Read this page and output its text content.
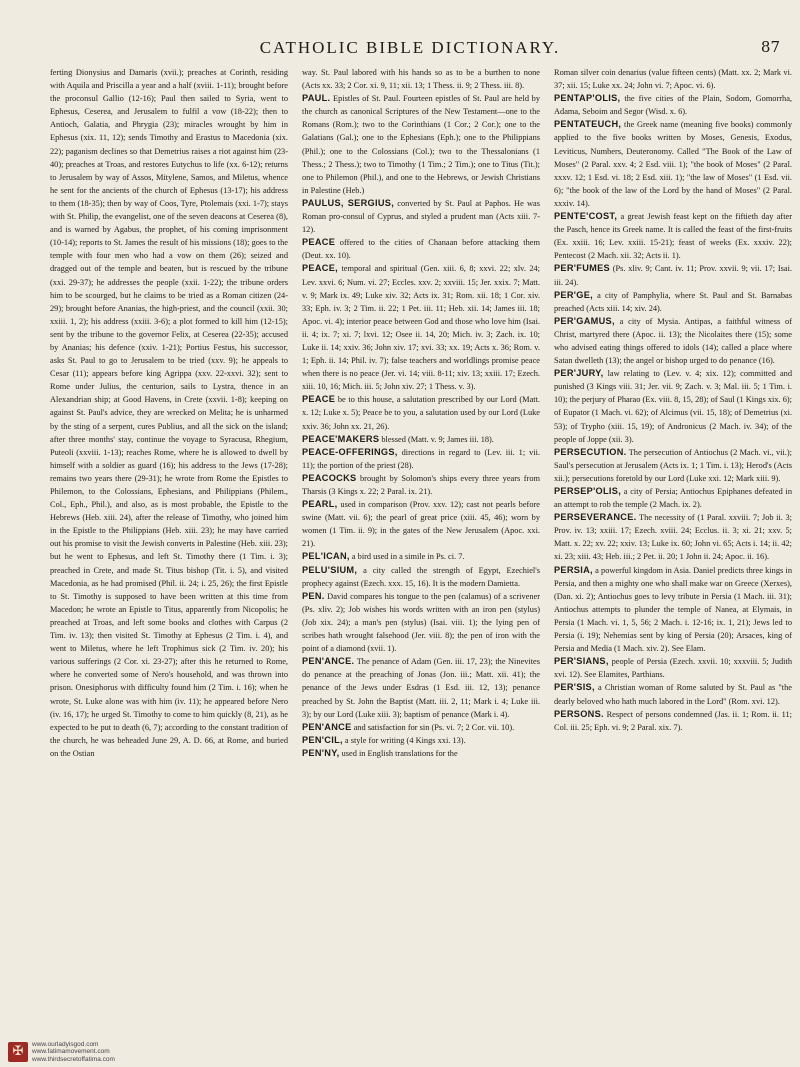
CATHOLIC BIBLE DICTIONARY.	87

ferting Dionysius and Damaris (xvii.); preaches at Corinth, residing with Aquila and Priscilla a year and a half (xviii. 1-11); brought before the proconsul Gallio (12-16); Paul then sailed to Syria, went to Ephesus, Ceserea, and Jerusalem to fulfil a vow (18-22); then to Antioch, Galatia, and Phrygia (23); miracles wrought by him in Ephesus (xix. 11, 12); sends Timothy and Erastus to Macedonia (xix. 22); paganism declines so that Demetrius raises a riot against him (23-40); preaches at Troas, and restores Eutychus to life (xx. 6-12); returns to Jerusalem by way of Assos, Mitylene, Samos, and Miletus, whence he sent for the ancients of the church of Ephesus (13-17); his address to them (18-35); then by way of Coos, Tyre, Ptolemais (xxi. 1-7); stays with St. Philip, the evangelist, one of the seven deacons at Ceserea (8), and is warned by Agabus, the prophet, of his coming imprisonment (10-14); reports to St. James the result of his missions (18); goes to the temple with four men who had a vow on them (26); seized and dragged out of the temple and beaten, but is rescued by the tribune (xxi. 29-37); he addresses the people (xxii. 1-22); the tribune orders him to be scourged, but he claims to be tried as a Roman citizen (24-29); brought before Ananias, the high-priest, and the council (xxii. 30; xxiii. 1, 2); his address (xxiii. 3-6); a plot formed to kill him (12-15); sent by the tribune to the governor Felix, at Ceserea (22-35); accused by Ananias; his defence (xxiv. 1-21); Portius Festus, his successor, asks St. Paul to go to Jerusalem to be tried (xxv. 9); he appeals to Cesar (11); appears before king Agrippa (xxv. 22-xxvi. 32); sent to Rome under Julius, the centurion, sails to Lystra, thence in an Alexandrian ship; at Good Havens, in Crete (xxvii. 1-8); keeping on against St. Paul's advice, they are wrecked on Melita; he is unharmed by the sting of a serpent, cures Publius, and all the sick on the island; after three months' stay, continue the voyage to Syracusa, Rhegium, Puteoli (xxviii. 1-13); reaches Rome, where he is allowed to dwell by himself with a soldier as guard (16); his address to the Jews (17-28); remains two years there (29-31); he wrote from Rome the Epistles to Philemon, to the Colossians, Ephesians, and Philippians (Philem., Col., Eph., Phil.), and also, as is most probable, the Epistle to the Hebrews (Heb. xiii. 24), after the release of Timothy, who joined him in the Epistle to the Philippians (Heb. xiii. 23); he may have carried out his promise to visit the Jewish converts in Palestine (Heb. xiii. 23); but he went to Ephesus, and left St. Timothy there (1 Tim. i. 3); preached in Crete, and made St. Titus bishop (Tit. i. 5), and visited Macedonia, as he had promised (Phil. ii. 24; i. 25, 26); the first Epistle to St. Timothy is supposed to have been written at this time from Macedon; he wrote an Epistle to Titus, apparently from Nicopolis; he preached at Troas, and left some books and clothes with Carpus (2 Tim. iv. 13); then visited St. Timothy at Ephesus (2 Tim. i. 4), and went to Miletus, where he left Trophimus sick (2 Tim. iv. 20); his various sufferings (2 Cor. xi. 23-27); after this he returned to Rome, where he converted some of Nero's household, and was thrown into prison. Onesiphorus with difficulty found him (2 Tim. i. 16); when he wrote, St. Luke alone was with him (iv. 11); he appeared before Nero (iv. 16, 17); he urged St. Timothy to come to him quickly (8, 21), as he expected to be put to death (6, 7); according to the constant tradition of the church, he was beheaded June 29, A. D. 66, at Rome, and buried on the Ostian

way. St. Paul labored with his hands so as to be a burthen to none (Acts xx. 33; 2 Cor. xi. 9, 11; xii. 13; 1 Thess. ii. 9; 2 Thess. iii. 8).

PAUL. Epistles of St. Paul. Fourteen epistles of St. Paul are held by the church as canonical Scriptures of the New Testament—one to the Romans (Rom.); two to the Corinthians (1 Cor.; 2 Cor.); one to the Galatians (Gal.); one to the Ephesians (Eph.); one to the Philippians (Phil.); one to the Colossians (Col.); two to the Thessalonians (1 Thess.; 2 Thess.); two to Timothy (1 Tim.; 2 Tim.); one to Titus (Tit.); one to Philemon (Phil.), and one to the Hebrews, or Jewish Christians in Palestine (Heb.)

PAULUS, SERGIUS, converted by St. Paul at Paphos. He was Roman pro-consul of Cyprus, and styled a prudent man (Acts xiii. 7-12).

PEACE offered to the cities of Chanaan before attacking them (Deut. xx. 10).

PEACE, temporal and spiritual (Gen. xiii. 6, 8; xxvi. 22; xlv. 24; Lev. xxvi. 6; Num. vi. 27; Eccles. xxv. 2; xxviii. 15; Jer. xxix. 7; Matt. v. 9; Mark ix. 49; Luke xiv. 32; Acts ix. 31; Rom. xii. 18; 1 Cor. xiv. 33; Eph. iv. 3; 2 Tim. ii. 22; 1 Pet. iii. 11; Heb. xii. 14; James iii. 18; Apoc. vi. 4); interior peace between God and those who love him (Isai. ii. 4; ix. 7; xi. 7; lxvi. 12; Osee ii. 14, 20; Mich. iv. 3; Zach. ix. 10; Luke ii. 14; xxiv. 36; John xiv. 17; xvi. 33; xx. 19; Acts x. 36; Rom. v. 1; Eph. ii. 14; Phil. iv. 7); false teachers and worldlings promise peace when there is no peace (Jer. vi. 14; viii. 8-11; xiv. 13; xxiii. 17; Ezech. xiii. 10, 16; Mich. iii. 5; John xiv. 27; 1 Thess. v. 3).

PEACE be to this house, a salutation prescribed by our Lord (Matt. x. 12; Luke x. 5); Peace be to you, a salutation used by our Lord (Luke xxiv. 36; John xx. 21, 26).

PEACE'MAKERS blessed (Matt. v. 9; James iii. 18).

PEACE-OFFERINGS, directions in regard to (Lev. iii. 1; vii. 11); the portion of the priest (28).

PEACOCKS brought by Solomon's ships every three years from Tharsis (3 Kings x. 22; 2 Paral. ix. 21).

PEARL, used in comparison (Prov. xxv. 12); cast not pearls before swine (Matt. vii. 6); the pearl of great price (xiii. 45, 46); worn by women (1 Tim. ii. 9); in the gates of the New Jerusalem (Apoc. xxi. 21).

PEL'ICAN, a bird used in a simile in Ps. ci. 7.

PELU'SIUM, a city called the strength of Egypt, Ezechiel's prophecy against (Ezech. xxx. 15, 16). It is the modern Damietta.

PEN. David compares his tongue to the pen (calamus) of a scrivener (Ps. xliv. 2); Job wishes his words written with an iron pen (stylus) (Job xix. 24); a man's pen (stylus) (Isai. viii. 1); the lying pen of scribes hath wrought falsehood (Jer. viii. 8); the pen of iron with the point of a diamond (xvii. 1).

PEN'ANCE. The penance of Adam (Gen. iii. 17, 23); the Ninevites do penance at the preaching of Jonas (Jon. iii.; Matt. xii. 41); the penance of the Jews under Esdras (1 Esd. iii. 12, 13); penance preached by St. John the Baptist (Matt. iii. 2, 11; Mark i. 4; Luke iii. 3); by our Lord (Luke xiii. 3); baptism of penance (Mark i. 4).

PEN'ANCE and satisfaction for sin (Ps. vi. 7; 2 Cor. vii. 10).

PEN'CIL, a style for writing (4 Kings xxi. 13).

PEN'NY, used in English translations for the

Roman silver coin denarius (value fifteen cents) (Matt. xx. 2; Mark vi. 37; xii. 15; Luke xx. 24; John vi. 7; Apoc. vi. 6).

PENTAP'OLIS, the five cities of the Plain, Sodom, Gomorrha, Adama, Seboim and Segor (Wisd. x. 6).

PENTATEUCH, the Greek name (meaning five books) commonly applied to the five books written by Moses, Genesis, Exodus, Leviticus, Numbers, Deuteronomy. Called "The Book of the Law of Moses" (2 Paral. xxv. 4; 2 Esd. viii. 1); "the book of Moses" (2 Paral. xxxv. 12; 1 Esd. vi. 18; 2 Esd. xiii. 1); "the law of Moses" (1 Esd. vii. 6); "the book of the law of the Lord by the hand of Moses" (2 Paral. xxxiv. 14).

PENTE'COST, a great Jewish feast kept on the fiftieth day after the Pasch, hence its Greek name. It is called the feast of the first-fruits (Ex. xxiii. 16; Lev. xxiii. 15-21); feast of weeks (Ex. xxxiv. 22); Pentecost (2 Mach. xii. 32; Acts ii. 1).

PER'FUMES (Ps. xliv. 9; Cant. iv. 11; Prov. xxvii. 9; vii. 17; Isai. iii. 24).

PER'GE, a city of Pamphylia, where St. Paul and St. Barnabas preached (Acts xiii. 14; xiv. 24).

PER'GAMUS, a city of Mysia. Antipas, a faithful witness of Christ, martyred there (Apoc. ii. 13); the Nicolaites there (15); some who advised eating things offered to idols (14); called a place where Satan dwelleth (13); the angel or bishop urged to do penance (16).

PER'JURY, law relating to (Lev. v. 4; xix. 12); committed and punished (3 Kings viii. 31; Jer. vii. 9; Zach. v. 3; Mal. iii. 5; 1 Tim. i. 10); the perjury of Pharao (Ex. viii. 8, 15, 28); of Saul (1 Kings xix. 6); of Eupator (1 Mach. vi. 62); of Alcimus (vii. 15, 18); of Demetrius (xi. 53); of Trypho (xiii. 15, 19); of Andronicus (2 Mach. iv. 34); of the people of Joppe (xii. 3).

PERSECUTION. The persecution of Antiochus (2 Mach. vi., vii.); Saul's persecution at Jerusalem (Acts ix. 1; 1 Tim. i. 13); Herod's (Acts xii.); persecutions foretold by our Lord (Luke xxi. 12; Mark xiii. 9).

PERSEP'OLIS, a city of Persia; Antiochus Epiphanes defeated in an attempt to rob the temple (2 Mach. ix. 2).

PERSEVERANCE. The necessity of (1 Paral. xxviii. 7; Job ii. 3; Prov. iv. 13; xxiii. 17; Ezech. xviii. 24; Ecclus. ii. 3; xi. 21; xxv. 5; Matt. x. 22; xv. 22; xxiv. 13; Luke ix. 60; John vi. 65; Acts i. 14; ii. 42; xi. 23; xiii. 43; Heb. iii.; 2 Pet. ii. 20; 1 John ii. 24; Apoc. ii. 16).

PERSIA, a powerful kingdom in Asia. Daniel predicts three kings in Persia, and then a mighty one who shall make war on Greece (Xerxes), (Dan. xi. 2); Antiochus goes to levy tribute in Persia (1 Mach. iii. 31); Antiochus attempts to plunder the temple of Nanea, at Elymais, in Persia (1 Mach. vi. 1, 5, 56; 2 Mach. i. 12-16; ix. 1, 21); Jews led to Persia (i. 19); Nehemias sent by king of Persia (20); Arsaces, king of Persia and Media (1 Mach. xiv. 2). See Elam.

PER'SIANS, people of Persia (Ezech. xxvii. 10; xxxviii. 5; Judith xvi. 12). See Elamites, Parthians.

PER'SIS, a Christian woman of Rome saluted by St. Paul as "the dearly beloved who hath much labored in the Lord" (Rom. xvi. 12).

PERSONS. Respect of persons condemned (Jas. ii. 1; Rom. ii. 11; Col. iii. 25; Eph. vi. 9; 2 Paral. xix. 7).

✠
www.ourladyisgod.com
www.fatimamovement.com
www.thirdsecretoffatima.com
